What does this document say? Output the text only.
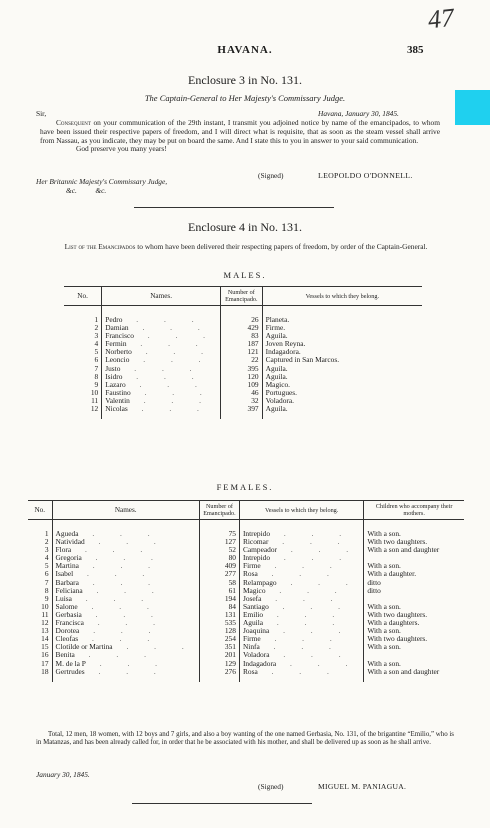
47
HAVANA.	385
Enclosure 3 in No. 131.
The Captain-General to Her Majesty's Commissary Judge.
Sir,	Havana, January 30, 1845.

Consequent on your communication of the 29th instant, I transmit you adjoined notice by name of the emancipados, to whom have been issued their respective papers of freedom, and I will direct what is requisite, that as soon as the steam vessel shall arrive from Nassau, as you indicate, they may be put on board the same. And I state this to you in answer to your said communication.

God preserve you many years!

(Signed)	LEOPOLDO O'DONNELL.
Her Britannic Majesty's Commissary Judge,
&c.          &c.
Enclosure 4 in No. 131.
List of the Emancipados to whom have been delivered their respecting papers of freedom, by order of the Captain-General.
MALES.
No.	Names.	Number of Emancipado.	Vessels to which they belong.
1	Pedro . . .	26	Planeta.
2	Damian . . .	429	Firme.
3	Francisco . . .	83	Aguila.
4	Fermin . . .	187	Joven Reyna.
5	Norberto . . .	121	Indagadora.
6	Leoncio . . .	22	Captured in San Marcos.
7	Justo . . .	395	Aguila.
8	Isidro . . .	120	Aguila.
9	Lazaro . . .	109	Magico.
10	Faustino . . .	46	Portugues.
11	Valentin . . .	32	Voladora.
12	Nicolas . . .	397	Aguila.
FEMALES.
No.	Names.	Number of Emancipado.	Vessels to which they belong.	Children who accompany their mothers.
1	Agueda . . .	75	Intrepido . . .	With a son.
2	Natividad . . .	127	Ricomar . . .	With two daughters.
3	Flora . . .	52	Campeador . . .	With a son and daughter
4	Gregoria . . .	80	Intrepido . . .	
5	Martina . . .	409	Firme . . .	With a son.
6	Isabel . . .	277	Rosa . . .	With a daughter.
7	Barbara . . .	58	Relampago . . .	ditto
8	Feliciana . . .	61	Magico . . .	ditto
9	Luisa . . .	194	Josefa . . .	
10	Salome . . .	84	Santiago . . .	With a son.
11	Gerbasia . . .	131	Emilio . . .	With two daughters.
12	Francisca . . .	535	Aguila . . .	With a daughters.
13	Dorotea . . .	128	Joaquina . . .	With a son.
14	Cleofas . . .	254	Firme . . .	With two daughters.
15	Clotilde or Martina . . .	351	Ninfa . . .	With a son.
16	Benita . . .	201	Voladora . . .	
17	M. de la P . . .	129	Indagadora . . .	With a son.
18	Gertrudes . . .	276	Rosa . . .	With a son and daughter
Total, 12 men, 18 women, with 12 boys and 7 girls, and also a boy wanting of the one named Gerbasia, No. 131, of the brigantine “Emilio,” who is in Matanzas, and has been already called for, in order that he be associated with his mother, and shall be delivered up as soon as he shall arrive.
January 30, 1845.
(Signed)	MIGUEL M. PANIAGUA.
